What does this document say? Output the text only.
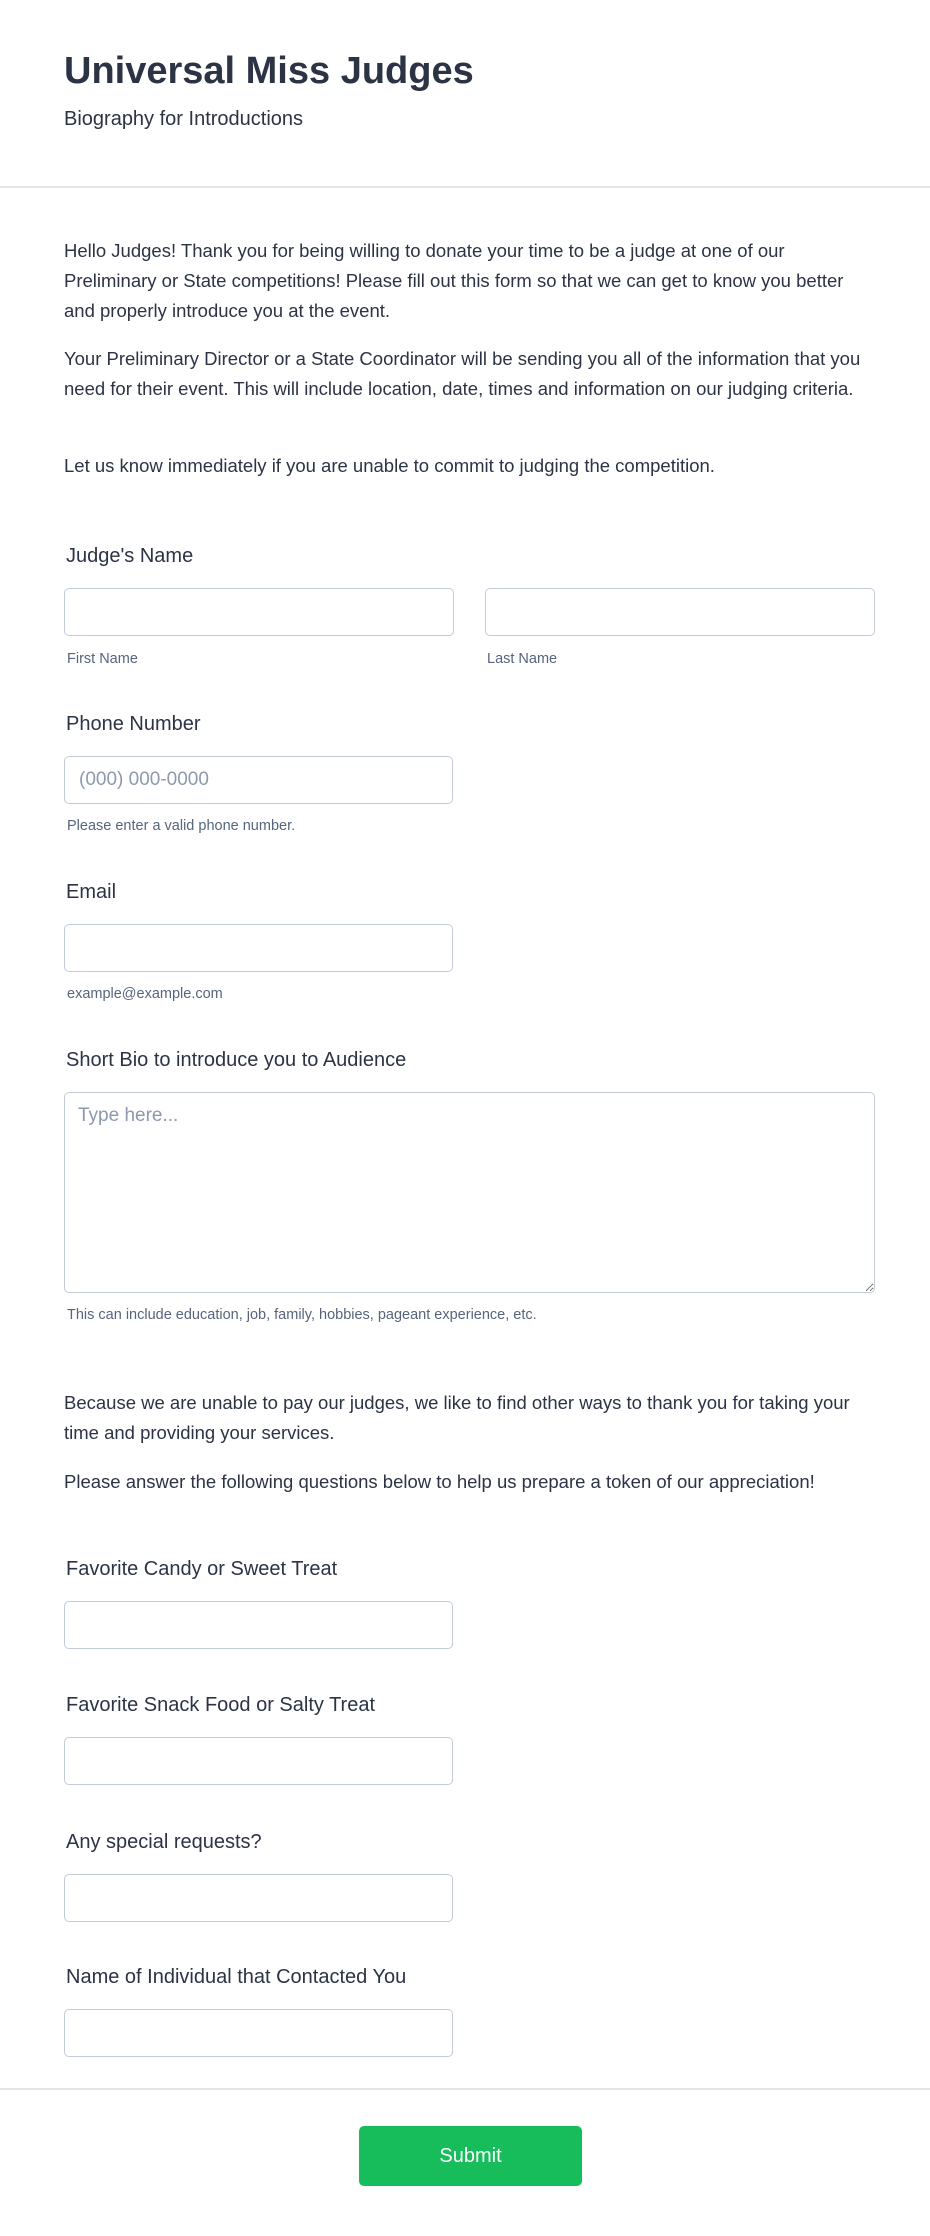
Universal Miss Judges
Biography for Introductions

Hello Judges! Thank you for being willing to donate your time to be a judge at one of our Preliminary or State competitions! Please fill out this form so that we can get to know you better and properly introduce you at the event.

Your Preliminary Director or a State Coordinator will be sending you all of the information that you need for their event. This will include location, date, times and information on our judging criteria.

Let us know immediately if you are unable to commit to judging the competition.

Judge's Name
First Name	Last Name
Phone Number
(000) 000-0000
Please enter a valid phone number.
Email
example@example.com
Short Bio to introduce you to Audience
Type here...
This can include education, job, family, hobbies, pageant experience, etc.

Because we are unable to pay our judges, we like to find other ways to thank you for taking your time and providing your services.

Please answer the following questions below to help us prepare a token of our appreciation!

Favorite Candy or Sweet Treat
Favorite Snack Food or Salty Treat
Any special requests?
Name of Individual that Contacted You
Submit
